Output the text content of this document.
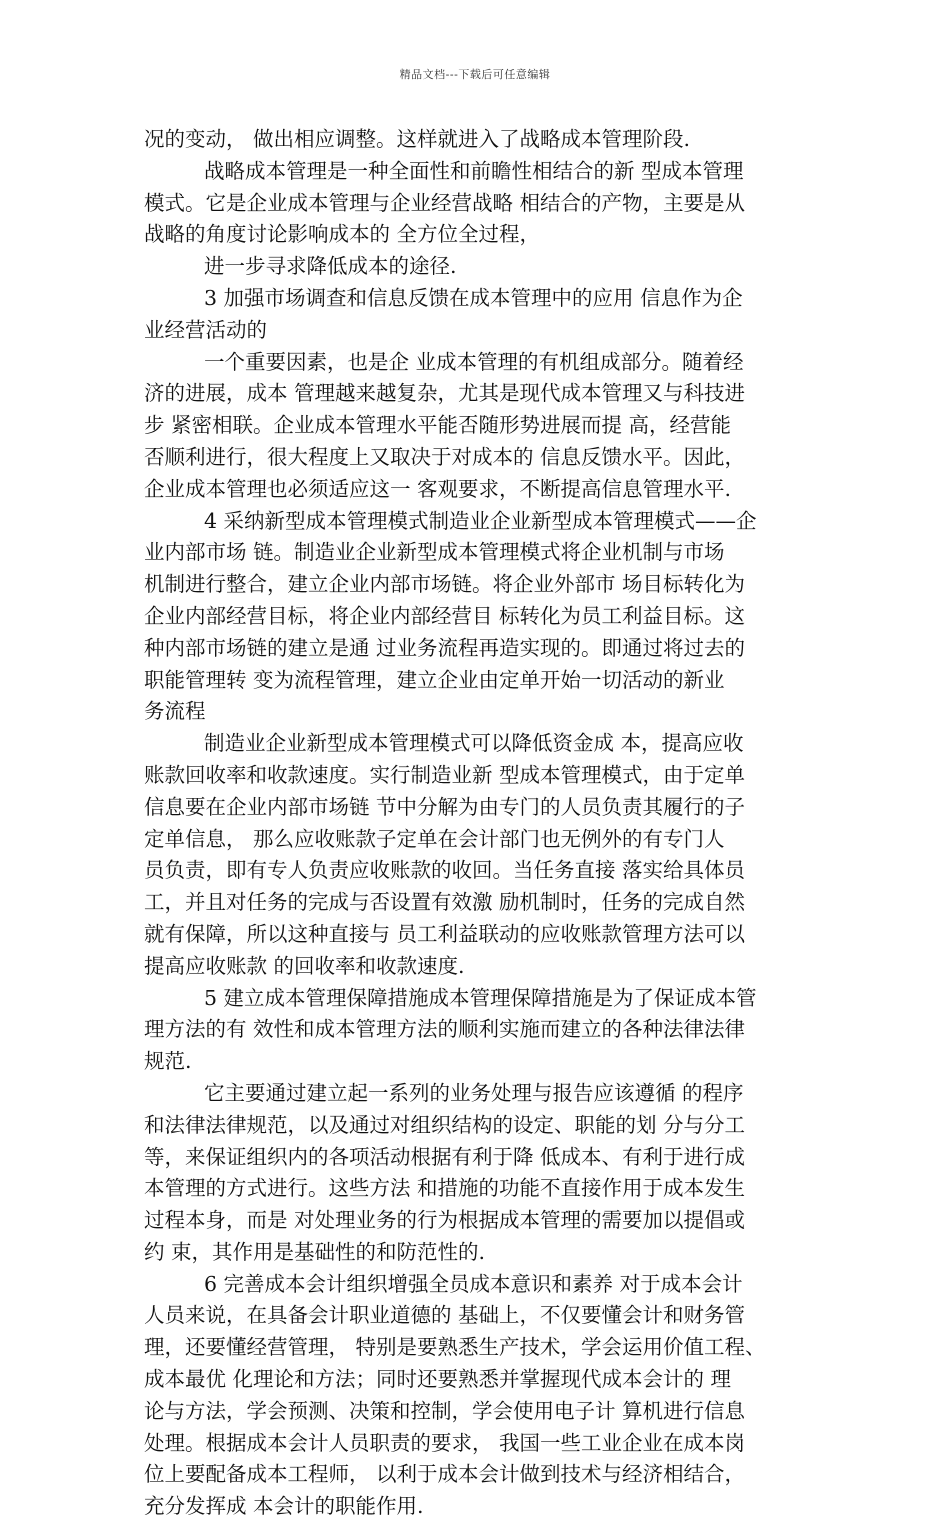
精品文档---下载后可任意编辑
况的变动， 做出相应调整。这样就进入了战略成本管理阶段.
战略成本管理是一种全面性和前瞻性相结合的新 型成本管理
模式。它是企业成本管理与企业经营战略 相结合的产物，主要是从
战略的角度讨论影响成本的 全方位全过程，
进一步寻求降低成本的途径.
3 加强市场调查和信息反馈在成本管理中的应用 信息作为企
业经营活动的
一个重要因素，也是企 业成本管理的有机组成部分。随着经
济的进展，成本 管理越来越复杂，尤其是现代成本管理又与科技进
步 紧密相联。企业成本管理水平能否随形势进展而提 高，经营能
否顺利进行，很大程度上又取决于对成本的 信息反馈水平。因此，
企业成本管理也必须适应这一 客观要求，不断提高信息管理水平.
4 采纳新型成本管理模式制造业企业新型成本管理模式——企
业内部市场 链。制造业企业新型成本管理模式将企业机制与市场
机制进行整合，建立企业内部市场链。将企业外部市 场目标转化为
企业内部经营目标，将企业内部经营目 标转化为员工利益目标。这
种内部市场链的建立是通 过业务流程再造实现的。即通过将过去的
职能管理转 变为流程管理，建立企业由定单开始一切活动的新业
务流程
制造业企业新型成本管理模式可以降低资金成 本，提高应收
账款回收率和收款速度。实行制造业新 型成本管理模式，由于定单
信息要在企业内部市场链 节中分解为由专门的人员负责其履行的子
定单信息， 那么应收账款子定单在会计部门也无例外的有专门人
员负责，即有专人负责应收账款的收回。当任务直接 落实给具体员
工，并且对任务的完成与否设置有效激 励机制时，任务的完成自然
就有保障，所以这种直接与 员工利益联动的应收账款管理方法可以
提高应收账款 的回收率和收款速度.
5 建立成本管理保障措施成本管理保障措施是为了保证成本管
理方法的有 效性和成本管理方法的顺利实施而建立的各种法律法律
规范.
它主要通过建立起一系列的业务处理与报告应该遵循 的程序
和法律法律规范，以及通过对组织结构的设定、职能的划 分与分工
等，来保证组织内的各项活动根据有利于降 低成本、有利于进行成
本管理的方式进行。这些方法 和措施的功能不直接作用于成本发生
过程本身，而是 对处理业务的行为根据成本管理的需要加以提倡或
约 束，其作用是基础性的和防范性的.
6 完善成本会计组织增强全员成本意识和素养 对于成本会计
人员来说，在具备会计职业道德的 基础上，不仅要懂会计和财务管
理，还要懂经营管理， 特别是要熟悉生产技术，学会运用价值工程、
成本最优 化理论和方法；同时还要熟悉并掌握现代成本会计的 理
论与方法，学会预测、决策和控制，学会使用电子计 算机进行信息
处理。根据成本会计人员职责的要求， 我国一些工业企业在成本岗
位上要配备成本工程师， 以利于成本会计做到技术与经济相结合，
充分发挥成 本会计的职能作用.
